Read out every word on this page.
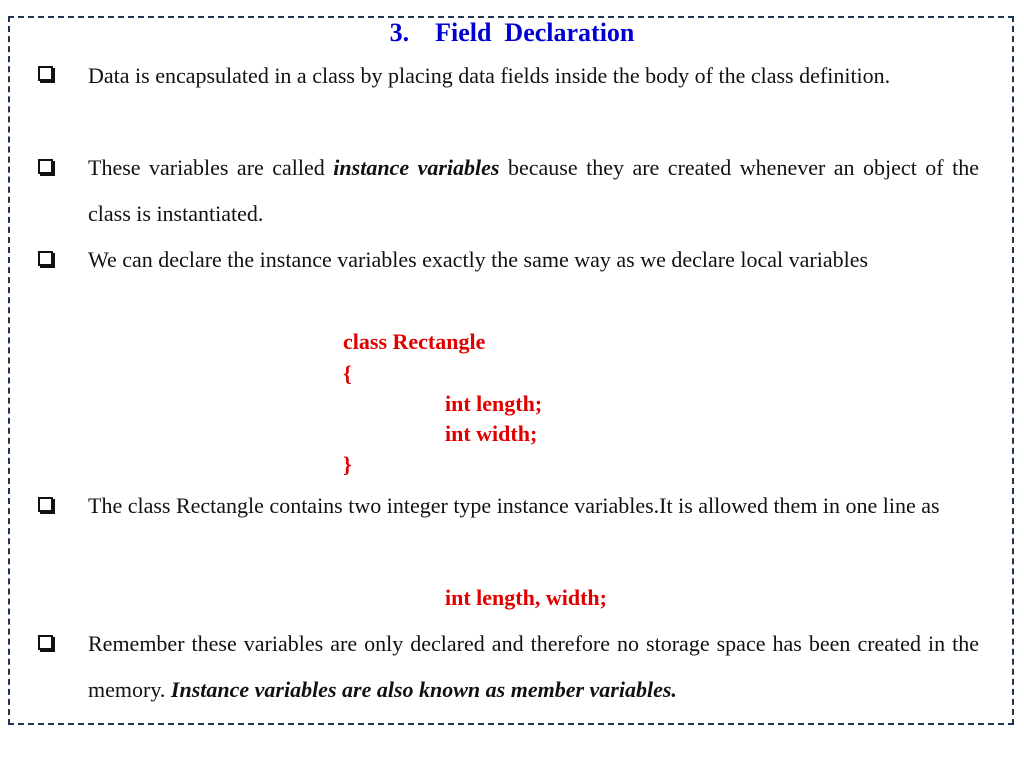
3.    Field  Declaration
Data is encapsulated in a class by placing data fields inside the body of the class definition.
These variables are called instance variables because they are created whenever an object of the class is instantiated.
We can declare the instance variables exactly the same way as we declare local variables
class Rectangle
{
int length;
int width;
}
The class Rectangle contains two integer type instance variables.It is allowed them in one line as
int length, width;
Remember these variables are only declared and therefore no storage space has been created in the memory. Instance variables are also known as member variables.
